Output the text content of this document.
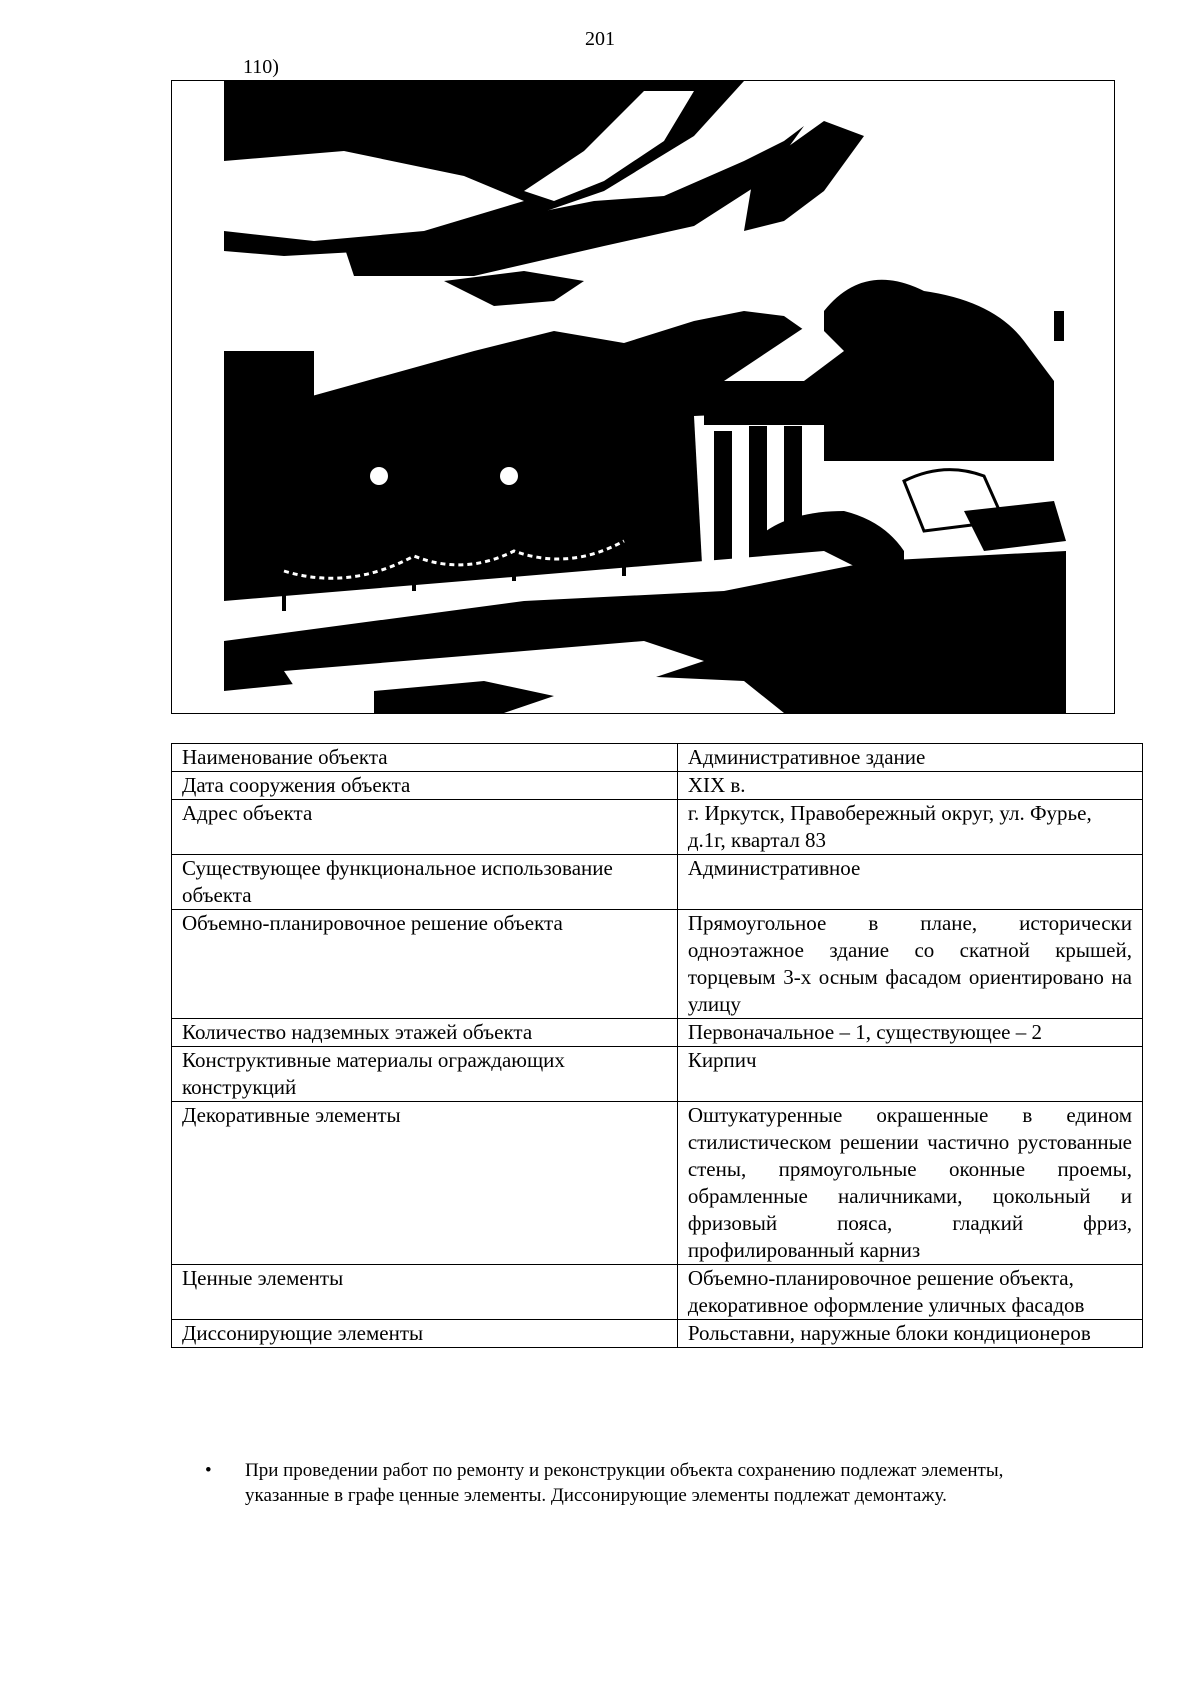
201
110)
Наименование объекта	Административное здание
Дата сооружения объекта	XIX в.
Адрес объекта	г. Иркутск, Правобережный округ, ул. Фурье, д.1г, квартал 83
Существующее функциональное использование объекта	Административное
Объемно-планировочное решение объекта	Прямоугольное в плане, исторически одноэтажное здание со скатной крышей, торцевым 3-х осным фасадом ориентировано на улицу
Количество надземных этажей объекта	Первоначальное – 1, существующее – 2
Конструктивные материалы ограждающих конструкций	Кирпич
Декоративные элементы	Оштукатуренные окрашенные в едином стилистическом решении частично рустованные стены, прямоугольные оконные проемы, обрамленные наличниками, цокольный и фризовый пояса, гладкий фриз, профилированный карниз
Ценные элементы	Объемно-планировочное решение объекта, декоративное оформление уличных фасадов
Диссонирующие элементы	Рольставни, наружные блоки кондиционеров
• При проведении работ по ремонту и реконструкции объекта сохранению подлежат элементы, указанные в графе ценные элементы. Диссонирующие элементы подлежат демонтажу.
